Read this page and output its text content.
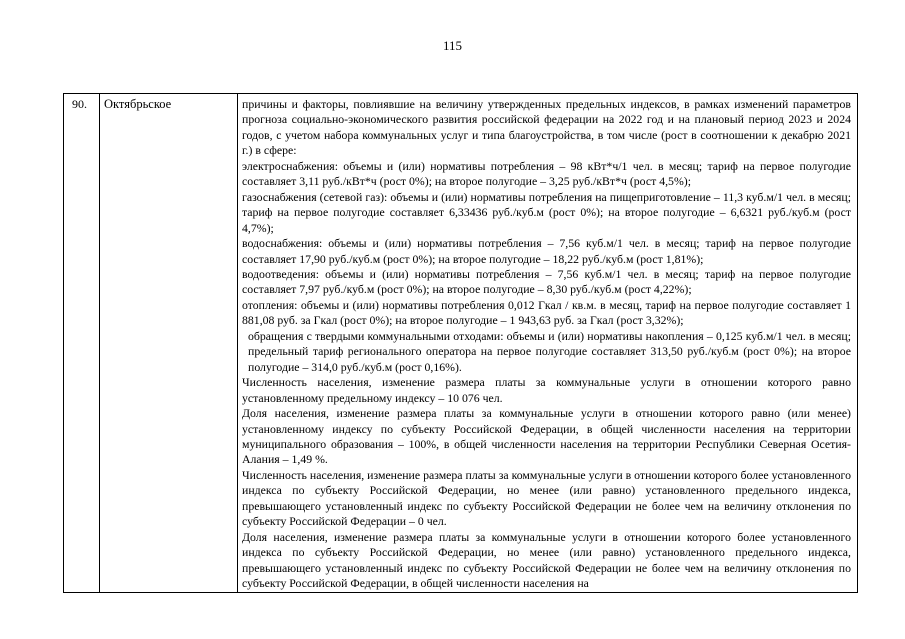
115
90.	Октябрьское	причины и факторы, повлиявшие на величину утвержденных предельных индексов, в рамках изменений параметров прогноза социально-экономического развития российской федерации на 2022 год и на плановый период 2023 и 2024 годов, с учетом набора коммунальных услуг и типа благоустройства, в том числе (рост в соотношении к декабрю 2021 г.) в сфере:

электроснабжения: объемы и (или) нормативы потребления – 98 кВт*ч/1 чел. в месяц; тариф на первое полугодие составляет 3,11 руб./кВт*ч (рост 0%); на второе полугодие – 3,25 руб./кВт*ч (рост 4,5%);

газоснабжения (сетевой газ): объемы и (или) нормативы потребления на пищеприготовление – 11,3 куб.м/1 чел. в месяц; тариф на первое полугодие составляет 6,33436 руб./куб.м (рост 0%); на второе полугодие – 6,6321 руб./куб.м (рост 4,7%);

водоснабжения: объемы и (или) нормативы потребления – 7,56 куб.м/1 чел. в месяц; тариф на первое полугодие составляет 17,90 руб./куб.м (рост 0%); на второе полугодие – 18,22 руб./куб.м (рост 1,81%);

водоотведения: объемы и (или) нормативы потребления – 7,56 куб.м/1 чел. в месяц; тариф на первое полугодие составляет 7,97 руб./куб.м (рост 0%); на второе полугодие – 8,30 руб./куб.м (рост 4,22%);

отопления: объемы и (или) нормативы потребления 0,012 Гкал / кв.м. в месяц, тариф на первое полугодие составляет 1 881,08 руб. за Гкал (рост 0%); на второе полугодие – 1 943,63 руб. за Гкал (рост 3,32%);

обращения с твердыми коммунальными отходами: объемы и (или) нормативы накопления – 0,125 куб.м/1 чел. в месяц; предельный тариф регионального оператора на первое полугодие составляет 313,50 руб./куб.м (рост 0%); на второе полугодие – 314,0 руб./куб.м (рост 0,16%).

Численность населения, изменение размера платы за коммунальные услуги в отношении которого равно установленному предельному индексу – 10 076 чел.

Доля населения, изменение размера платы за коммунальные услуги в отношении которого равно (или менее) установленному индексу по субъекту Российской Федерации, в общей численности населения на территории муниципального образования – 100%, в общей численности населения на территории Республики Северная Осетия-Алания – 1,49 %.

Численность населения, изменение размера платы за коммунальные услуги в отношении которого более установленного индекса по субъекту Российской Федерации, но менее (или равно) установленного предельного индекса, превышающего установленный индекс по субъекту Российской Федерации не более чем на величину отклонения по субъекту Российской Федерации – 0 чел.

Доля населения, изменение размера платы за коммунальные услуги в отношении которого более установленного индекса по субъекту Российской Федерации, но менее (или равно) установленного предельного индекса, превышающего установленный индекс по субъекту Российской Федерации не более чем на величину отклонения по субъекту Российской Федерации, в общей численности населения на
